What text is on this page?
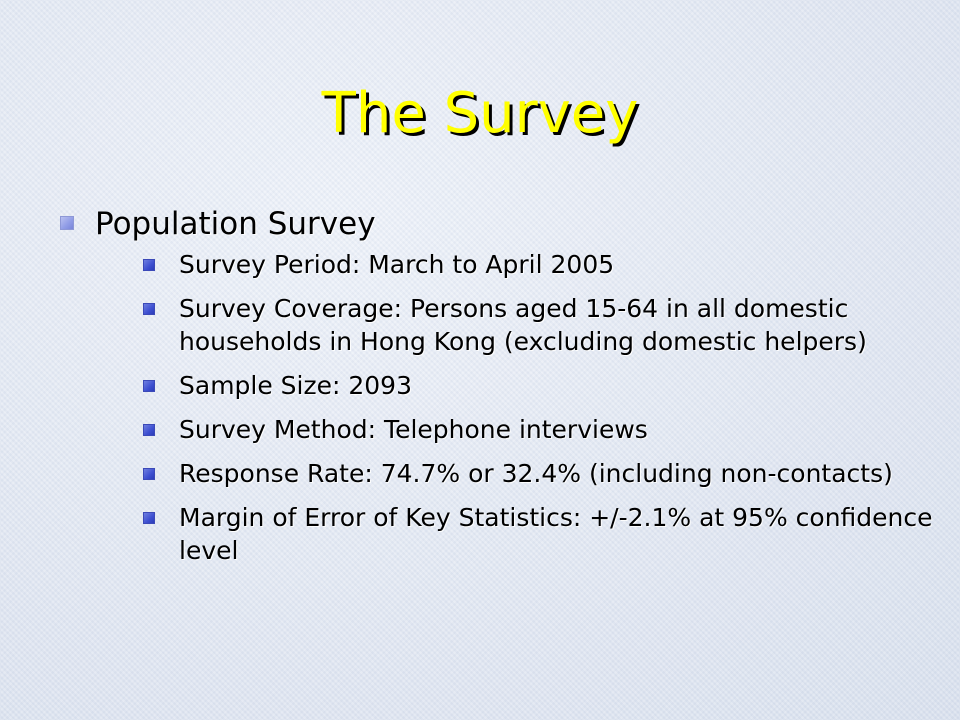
The Survey
Population Survey
Survey Period: March to April 2005
Survey Coverage: Persons aged 15-64 in all domestic households in Hong Kong (excluding domestic helpers)
Sample Size: 2093
Survey Method: Telephone interviews
Response Rate: 74.7% or 32.4% (including non-contacts)
Margin of Error of Key Statistics: +/-2.1% at 95% confidence level
